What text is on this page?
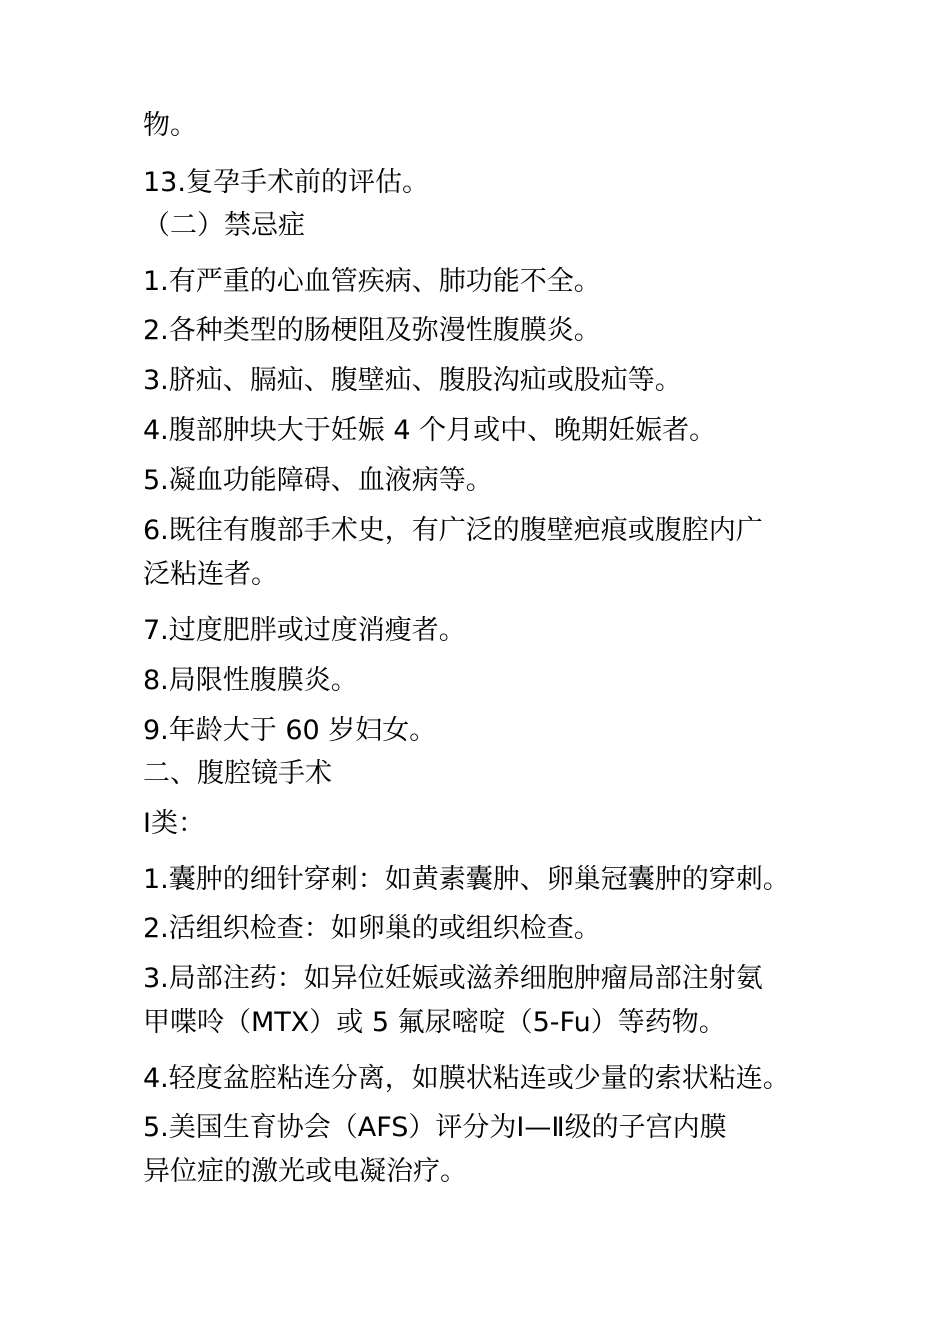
物。
13.复孕手术前的评估。
（二）禁忌症
1.有严重的心血管疾病、肺功能不全。
2.各种类型的肠梗阻及弥漫性腹膜炎。
3.脐疝、膈疝、腹壁疝、腹股沟疝或股疝等。
4.腹部肿块大于妊娠 4 个月或中、晚期妊娠者。
5.凝血功能障碍、血液病等。
6.既往有腹部手术史，有广泛的腹壁疤痕或腹腔内广
泛粘连者。
7.过度肥胖或过度消瘦者。
8.局限性腹膜炎。
9.年龄大于 60 岁妇女。
二、腹腔镜手术
Ⅰ类：
1.囊肿的细针穿刺：如黄素囊肿、卵巢冠囊肿的穿刺。
2.活组织检查：如卵巢的或组织检查。
3.局部注药：如异位妊娠或滋养细胞肿瘤局部注射氨
甲喋呤（MTX）或 5 氟尿嘧啶（5-Fu）等药物。
4.轻度盆腔粘连分离，如膜状粘连或少量的索状粘连。
5.美国生育协会（AFS）评分为Ⅰ—Ⅱ级的子宫内膜
异位症的激光或电凝治疗。
